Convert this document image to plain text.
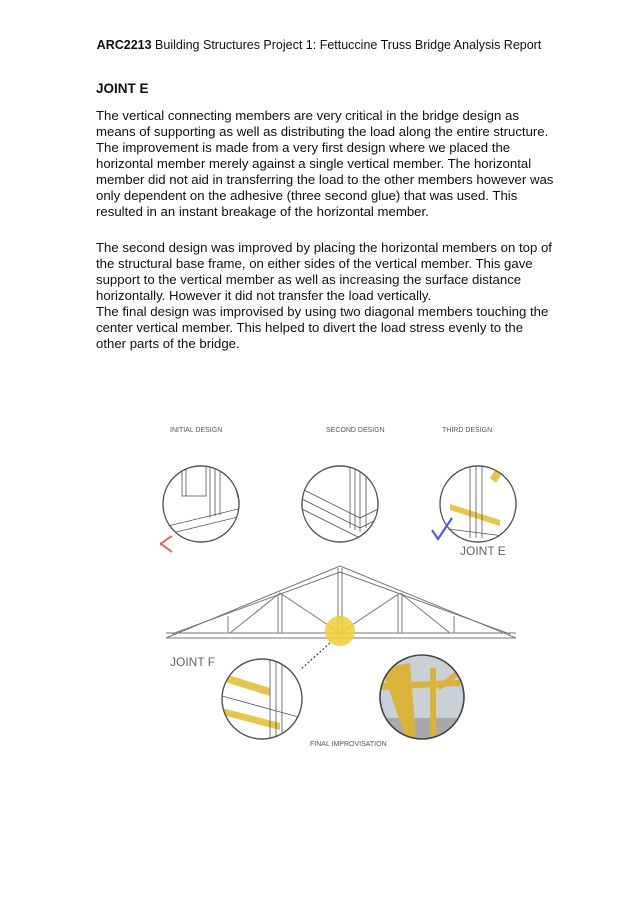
ARC2213 Building Structures Project 1: Fettuccine Truss Bridge Analysis Report
JOINT E

The vertical connecting members are very critical in the bridge design as means of supporting as well as distributing the load along the entire structure. The improvement is made from a very first design where we placed the horizontal member merely against a single vertical member. The horizontal member did not aid in transferring the load to the other members however was only dependent on the adhesive (three second glue) that was used. This resulted in an instant breakage of the horizontal member.

The second design was improved by placing the horizontal members on top of the structural base frame, on either sides of the vertical member. This gave support to the vertical member as well as increasing the surface distance horizontally. However it did not transfer the load vertically.
The final design was improvised by using two diagonal members touching the center vertical member. This helped to divert the load stress evenly to the other parts of the bridge.

INITIAL DESIGN	SECOND DESIGN	THIRD DESIGN
JOINT E
JOINT F
FINAL IMPROVISATION
